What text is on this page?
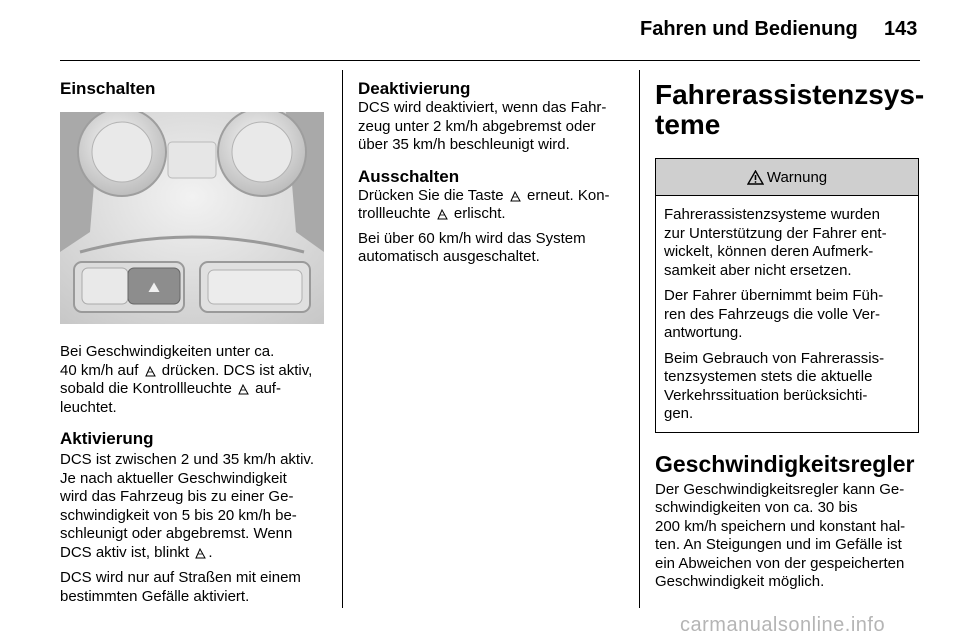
Fahren und Bedienung 143

Einschalten

⛰

Bei Geschwindigkeiten unter ca.
40 km/h auf  drücken. DCS ist aktiv,
sobald die Kontrollleuchte  auf-
leuchtet.

Aktivierung

DCS ist zwischen 2 und 35 km/h aktiv.
Je nach aktueller Geschwindigkeit
wird das Fahrzeug bis zu einer Ge-
schwindigkeit von 5 bis 20 km/h be-
schleunigt oder abgebremst. Wenn
DCS aktiv ist, blinkt .

DCS wird nur auf Straßen mit einem
bestimmten Gefälle aktiviert.

Deaktivierung

DCS wird deaktiviert, wenn das Fahr-
zeug unter 2 km/h abgebremst oder
über 35 km/h beschleunigt wird.

Ausschalten

Drücken Sie die Taste  erneut. Kon-
trollleuchte  erlischt.

Bei über 60 km/h wird das System
automatisch ausgeschaltet.

Fahrerassistenzsys-
teme

Warnung

Fahrerassistenzsysteme wurden
zur Unterstützung der Fahrer ent-
wickelt, können deren Aufmerk-
samkeit aber nicht ersetzen.

Der Fahrer übernimmt beim Füh-
ren des Fahrzeugs die volle Ver-
antwortung.

Beim Gebrauch von Fahrerassis-
tenzsystemen stets die aktuelle
Verkehrssituation berücksichti-
gen.

Geschwindigkeitsregler

Der Geschwindigkeitsregler kann Ge-
schwindigkeiten von ca. 30 bis
200 km/h speichern und konstant hal-
ten. An Steigungen und im Gefälle ist
ein Abweichen von der gespeicherten
Geschwindigkeit möglich.

carmanualsonline.info
